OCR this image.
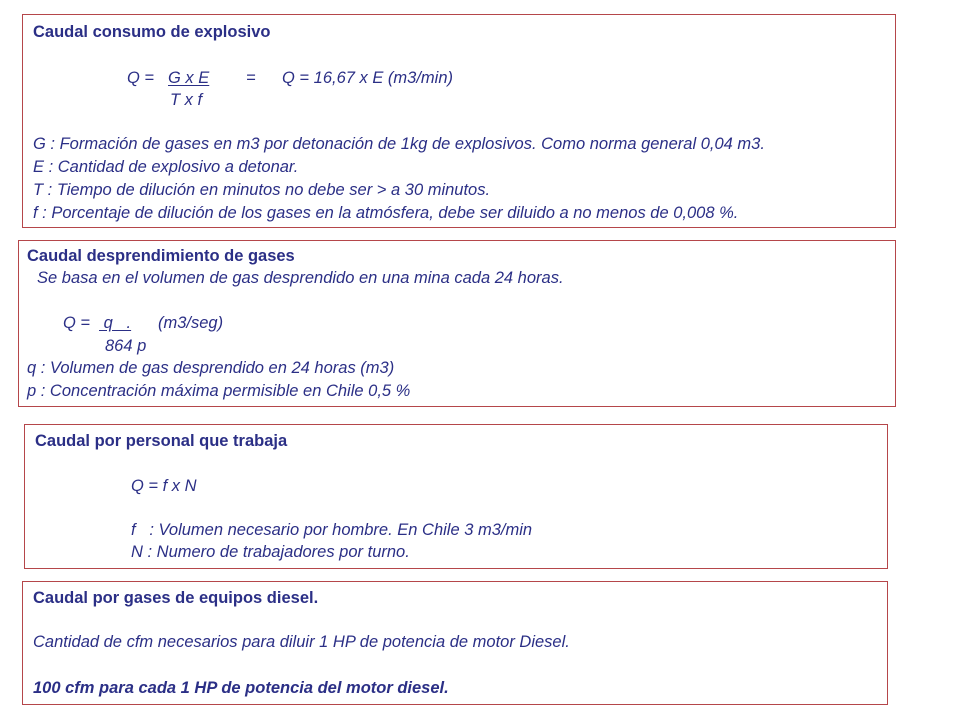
Caudal consumo de explosivo
Q = G x E = Q = 16,67 x E (m3/min)
T x f
G : Formación de gases en m3 por detonación de 1kg de explosivos. Como norma general 0,04 m3.
E : Cantidad de explosivo a detonar.
T : Tiempo de dilución en minutos no debe ser > a 30 minutos.
f : Porcentaje de dilución de los gases en la atmósfera, debe ser diluido a no menos de 0,008 %.
Caudal desprendimiento de gases
Se basa en el volumen de gas desprendido en una mina cada 24 horas.
Q = q   . (m3/seg)
864 p
q : Volumen de gas desprendido en 24 horas (m3)
p : Concentración máxima permisible en Chile 0,5 %
Caudal por personal que trabaja
Q = f x N
f   : Volumen necesario por hombre. En Chile 3 m3/min
N : Numero de trabajadores por turno.
Caudal por gases de equipos diesel.
Cantidad de cfm necesarios para diluir 1 HP de potencia de motor Diesel.
100 cfm para cada 1 HP de potencia del motor diesel.
